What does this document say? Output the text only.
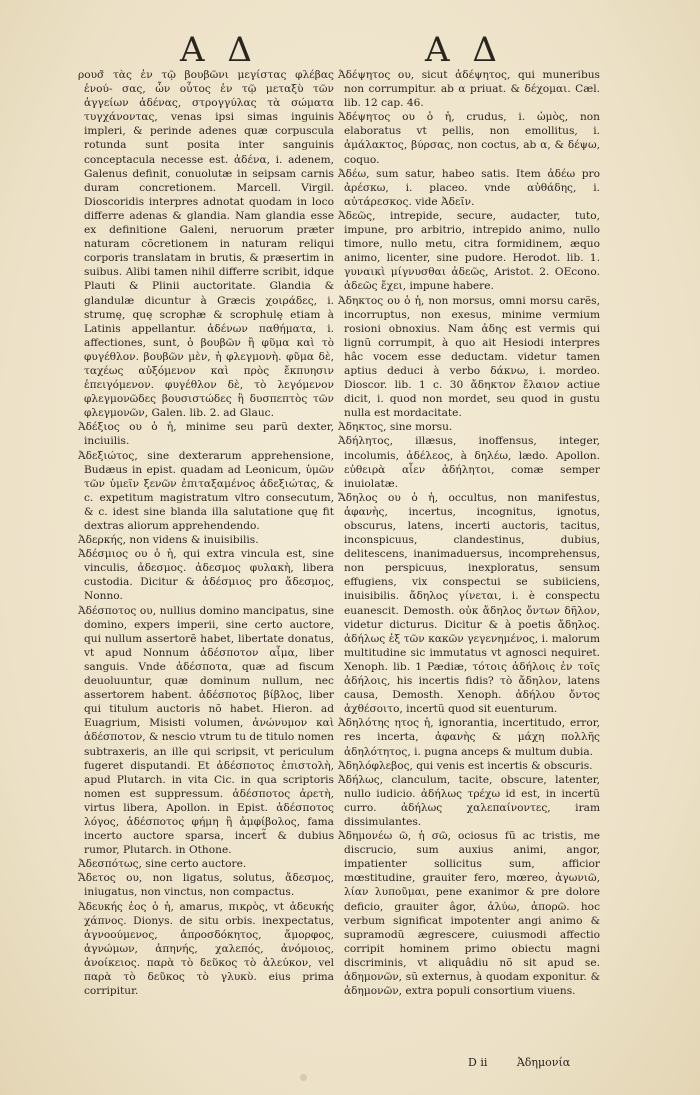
Α Δ	Α Δ

ρουσ̃ τὰς ἐν τῷ βουβῶνι μεγίστας φλέβας ἐνού- σας, ὧν οὗτος ἐν τῷ μεταξὺ τῶν ἀγγείων ἀδένας, στρογγύλας τὰ σώματα τυγχάνοντας, venas ipsi simas inguinis impleri, & perinde adenes quæ corpuscula rotunda sunt posita inter sanguinis conceptacula necesse est. ἀδένα, i. adenem, Galenus definit, conuolutæ in seipsam carnis duram concretionem. Marcell. Virgil. Dioscoridis interpres adnotat quodam in loco differre adenas & glandia. Nam glandia esse ex definitione Galeni, neruorum præter naturam cõcretionem in naturam reliqui corporis translatam in brutis, & præsertim in suibus. Alibi tamen nihil differre scribit, idque Plauti & Plinii auctoritate. Glandia & glandulæ dicuntur à Græcis χοιράδες, i. strumę, quę scrophæ & scrophulę etiam à Latinis appellantur. ἀδένων παθήματα, i. affectiones, sunt, ὁ βουβῶν ἢ φῦμα καὶ τὸ φυγέθλον. βουβῶν μὲν, ἡ φλεγμονὴ. φῦμα δὲ, ταχέως αὐξόμενον καὶ πρὸς ἔκπυησιν ἐπειγόμενον. φυγέθλον δὲ, τὸ λεγόμενον φλεγμονῶδες βουσιστώδες ἢ δυσπεπτὸς τῶν φλεγμονῶν, Galen. lib. 2. ad Glauc.

Ἀδέξιος ου ὁ ἡ, minime seu parũ dexter, inciuilis.

Ἀδεξιώτος, sine dexterarum apprehensione, Budæus in epist. quadam ad Leonicum, ὑμῶν τῶν ὑμεῖν ξενῶν ἐπιταξαμένος ἀδεξιώτας, & c. expetitum magistratum vltro consecutum, & c. idest sine blanda illa salutatione quę fit dextras aliorum apprehendendo.

Ἀδερκής, non videns & inuisibilis.

Ἀδέσμιος ου ὁ ἡ, qui extra vincula est, sine vinculis, ἀδεσμος. ἀδεσμος φυλακὴ, libera custodia. Dicitur & ἀδέσμιος pro ἄδεσμος, Nonno.

Ἀδέσποτος ου, nullius domino mancipatus, sine domino, expers imperii, sine certo auctore, qui nullum assertorẽ habet, libertate donatus, vt apud Nonnum ἀδέσποτον αἷμα, liber sanguis. Vnde ἀδέσποτα, quæ ad fiscum deuoluuntur, quæ dominum nullum, nec assertorem habent. ἀδέσποτος βίβλος, liber qui titulum auctoris nõ habet. Hieron. ad Euagrium, Misisti volumen, ἀνώνυμον καὶ ἀδέσποτον, & nescio vtrum tu de titulo nomen subtraxeris, an ille qui scripsit, vt periculum fugeret disputandi. Et ἀδέσποτος ἐπιστολὴ, apud Plutarch. in vita Cic. in qua scriptoris nomen est suppressum. ἀδέσποτος ἀρετὴ, virtus libera, Apollon. in Epist. ἀδέσποτος λόγος, ἀδέσποτος φήμη ἢ ἀμφίβολος, fama incerto auctore sparsa, incert̃ & dubius rumor, Plutarch. in Othone.

Ἀδεσπότως, sine certo auctore.

Ἄδετος ου, non ligatus, solutus, ἄδεσμος, iniugatus, non vinctus, non compactus.

Ἀδευκής ἐος ὁ ἡ, amarus, πικρὸς, vt ἀδευκής χάπνος. Dionys. de situ orbis. inexpectatus, ἀγνοούμενος, ἀπροσδόκητος, ἄμορφος, ἀγνώμων, ἀπηνής, χαλεπός, ἀνόμοιος, ἀνοίκειος. παρὰ τὸ δεῦκος τὸ ἀλεύκον, vel παρὰ τὸ δεῦκος τὸ γλυκὺ. eius prima corripitur.

Ἀδέψητος ου, sicut ἀδέψητος, qui muneribus non corrumpitur. ab α priuat. & δέχομαι. Cæl. lib. 12 cap. 46.

Ἀδέψητος ου ὁ ἡ, crudus, i. ὠμὸς, non elaboratus vt pellis, non emollitus, i. ἀμάλακτος, βύρσας, non coctus, ab α, & δέψω, coquo.

Ἀδέω, sum satur, habeo satis. Item ἀδέω pro ἀρέσκω, i. placeo. vnde αὐθάδης, i. αὐτάρεσκος. vide Ἀδεῖν.

Ἀδεῶς, intrepide, secure, audacter, tuto, impune, pro arbitrio, intrepido animo, nullo timore, nullo metu, citra formidinem, æquo animo, licenter, sine pudore. Herodot. lib. 1. γυναικὶ μίγνυσθαι ἀδεῶς, Aristot. 2. OEcono. ἀδεῶς ἔχει, impune habere.

Ἀδηκτος ου ὁ ἡ, non morsus, omni morsu carẽs, incorruptus, non exesus, minime vermium rosioni obnoxius. Nam ἀδης est vermis qui lignũ corrumpit, à quo ait Hesiodi interpres hâc vocem esse deductam. videtur tamen aptius deduci à verbo δάκνω, i. mordeo. Dioscor. lib. 1 c. 30 ἄδηκτον ἔλαιον actiue dicit, i. quod non mordet, seu quod in gustu nulla est mordacitate.

Ἀδηκτος, sine morsu.

Ἀδήλητος, illæsus, inoffensus, integer, incolumis, ἀδέλεος, à δηλέω, lædo. Apollon. εὐθειρὰ αἶεν ἀδήλητοι, comæ semper inuiolatæ.

Ἄδηλος ου ὁ ἡ, occultus, non manifestus, ἀφανὴς, incertus, incognitus, ignotus, obscurus, latens, incerti auctoris, tacitus, inconspicuus, clandestinus, dubius, delitescens, inanimaduersus, incomprehensus, non perspicuus, inexploratus, sensum effugiens, vix conspectui se subiiciens, inuisibilis. ἄδηλος γίνεται, i. è conspectu euanescit. Demosth. οὐκ ἄδηλος ὄντων δῆλον, videtur dicturus. Dicitur & à poetis ἄδηλος. ἀδήλως ἐξ τῶν κακῶν γεγενημένος, i. malorum multitudine sic immutatus vt agnosci nequiret. Xenoph. lib. 1 Pædiæ, τότοις ἀδήλοις ἐν τοῖς ἀδήλοις, his incertis fidis? τὸ ἄδηλον, latens causa, Demosth. Xenoph. ἀδήλου ὄντος ἀχθέσοιτο, incertũ quod sit euenturum.

Ἀδηλότης ητος ἡ, ignorantia, incertitudo, error, res incerta, ἀφανὴς & μάχη πολλῆς ἀδηλότητος, i. pugna anceps & multum dubia.

Ἀδηλόφλεβος, qui venis est incertis & obscuris.

Ἀδήλως, clanculum, tacite, obscure, latenter, nullo iudicio. ἀδήλως τρέχω id est, in incertũ curro. ἀδήλως χαλεπαίνοντες, iram dissimulantes.

Ἀδημονέω ῶ, ἡ σῶ, ociosus fũ ac tristis, me discrucio, sum auxius animi, angor, impatienter sollicitus sum, afficior mœstitudine, grauiter fero, mœreo, ἀγωνιῶ, λίαν λυποῦμαι, pene exanimor & pre dolore deficio, grauiter âgor, ἀλύω, ἀπορῶ. hoc verbum significat impotenter angi animo & supramodũ ægrescere, cuiusmodi affectio corripit hominem primo obiectu magni discriminis, vt aliquâdiu nõ sit apud se. ἀδημονῶν, sũ externus, à quodam exponitur. & ἀδημονῶν, extra populi consortium viuens.

D ii	Ἀδημονία
